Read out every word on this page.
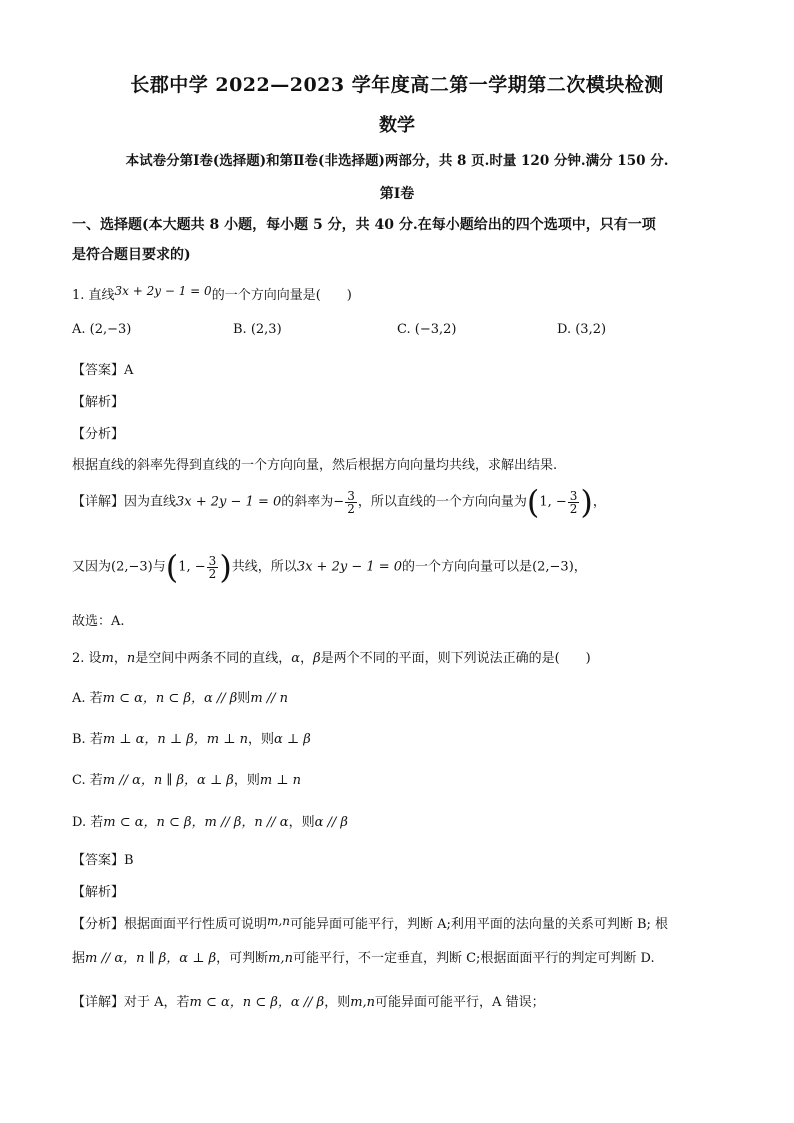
长郡中学 2022—2023 学年度高二第一学期第二次模块检测
数学
本试卷分第Ⅰ卷(选择题)和第Ⅱ卷(非选择题)两部分，共 8 页.时量 120 分钟.满分 150 分.
第Ⅰ卷
一、选择题(本大题共 8 小题，每小题 5 分，共 40 分.在每小题给出的四个选项中，只有一项
是符合题目要求的)
1. 直线3x + 2y − 1 = 0的一个方向向量是(　　)
A. (2,−3)	B. (2,3)	C. (−3,2)	D. (3,2)
【答案】A
【解析】
【分析】
根据直线的斜率先得到直线的一个方向向量，然后根据方向向量均共线，求解出结果.
【详解】因为直线3x + 2y − 1 = 0的斜率为− $\frac{3}{2}$ ，所以直线的一个方向向量为(1, − $\frac{3}{2}$ )，
又因为(2,−3)与(1, − $\frac{3}{2}$ )共线，所以3x + 2y − 1 = 0的一个方向向量可以是(2,−3)，
故选：A.
2. 设m，n是空间中两条不同的直线，α，β是两个不同的平面，则下列说法正确的是(　　)
A. 若m ⊂ α，n ⊂ β，α // β则m // n
B. 若m ⊥ α，n ⊥ β，m ⊥ n，则α ⊥ β
C. 若m // α，n ∥ β，α ⊥ β，则m ⊥ n
D. 若m ⊂ α，n ⊂ β，m // β，n // α，则α // β
【答案】B
【解析】
【分析】根据面面平行性质可说明m,n可能异面可能平行，判断 A;利用平面的法向量的关系可判断 B; 根
据m // α，n ∥ β，α ⊥ β，可判断m,n可能平行，不一定垂直，判断 C;根据面面平行的判定可判断 D.
【详解】对于 A，若m ⊂ α，n ⊂ β，α // β，则m,n可能异面可能平行，A 错误；
